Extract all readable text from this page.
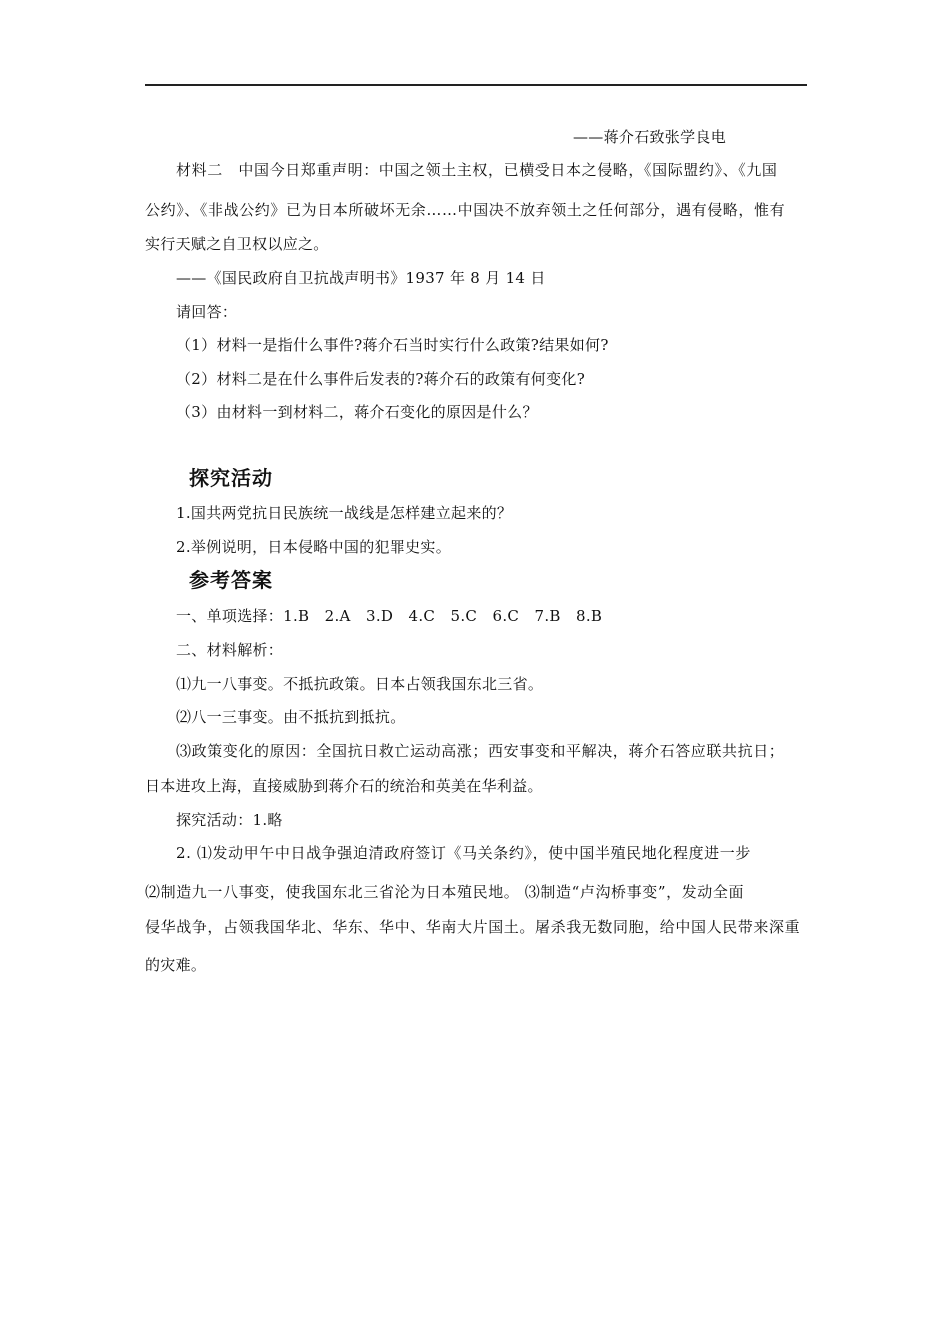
——蒋介石致张学良电
材料二　中国今日郑重声明：中国之领土主权，已横受日本之侵略，《国际盟约》、《九国
公约》、《非战公约》已为日本所破坏无余……中国决不放弃领土之任何部分，遇有侵略，惟有
实行天赋之自卫权以应之。
——《国民政府自卫抗战声明书》1937 年 8 月 14 日
请回答：
（1）材料一是指什么事件?蒋介石当时实行什么政策?结果如何?
（2）材料二是在什么事件后发表的?蒋介石的政策有何变化?
（3）由材料一到材料二，蒋介石变化的原因是什么？
探究活动
1.国共两党抗日民族统一战线是怎样建立起来的？
2.举例说明，日本侵略中国的犯罪史实。
参考答案
一、单项选择：1.B　2.A　3.D　4.C　5.C　6.C　7.B　8.B
二、材料解析：
⑴九一八事变。不抵抗政策。日本占领我国东北三省。
⑵八一三事变。由不抵抗到抵抗。
⑶政策变化的原因：全国抗日救亡运动高涨；西安事变和平解决，蒋介石答应联共抗日；
日本进攻上海，直接威胁到蒋介石的统治和英美在华利益。
探究活动：1.略
2. ⑴发动甲午中日战争强迫清政府签订《马关条约》，使中国半殖民地化程度进一步
⑵制造九一八事变，使我国东北三省沦为日本殖民地。 ⑶制造“卢沟桥事变”，发动全面
侵华战争，占领我国华北、华东、华中、华南大片国土。屠杀我无数同胞，给中国人民带来深重
的灾难。
